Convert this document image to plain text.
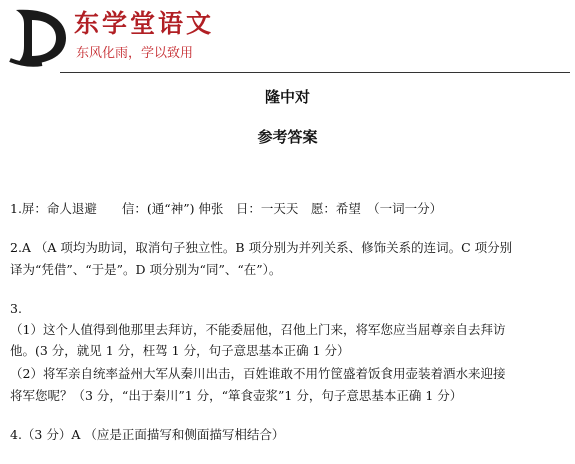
东学堂语文
东风化雨，学以致用
隆中对
参考答案
1.屏：命人退避　　信：(通“神”) 伸张　日：一天天　愿：希望　（一词一分）
2.A （A 项均为助词，取消句子独立性。B 项分别为并列关系、修饰关系的连词。C 项分别
译为“凭借”、“于是”。D 项分别为“同”、“在”）。
3.
（1）这个人值得到他那里去拜访，不能委屈他，召他上门来，将军您应当屈尊亲自去拜访
他。(3 分，就见 1 分，枉驾 1 分，句子意思基本正确 1 分）
（2）将军亲自统率益州大军从秦川出击，百姓谁敢不用竹筐盛着饭食用壶装着酒水来迎接
将军您呢？（3 分，“出于秦川”1 分，“箪食壶浆”1 分，句子意思基本正确 1 分）
4.（3 分）A （应是正面描写和侧面描写相结合）
